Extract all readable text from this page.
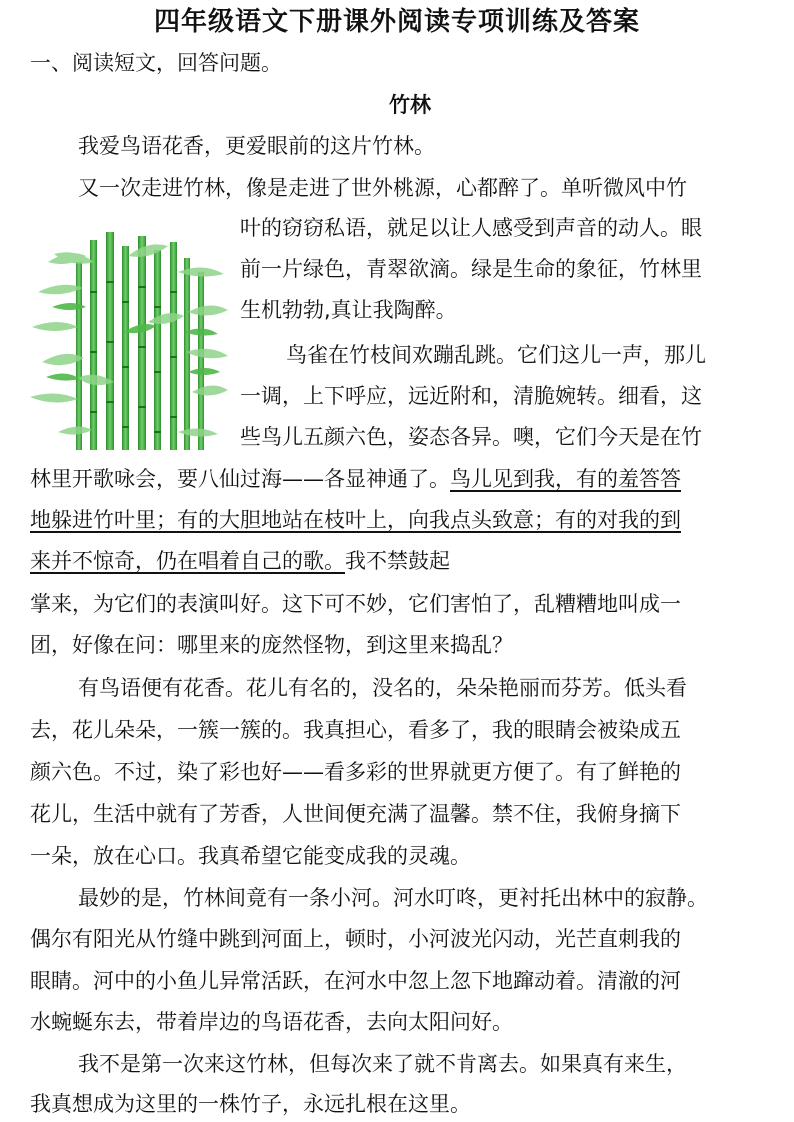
四年级语文下册课外阅读专项训练及答案
一、阅读短文，回答问题。
竹林
我爱鸟语花香，更爱眼前的这片竹林。
又一次走进竹林，像是走进了世外桃源，心都醉了。单听微风中竹
叶的窃窃私语，就足以让人感受到声音的动人。眼
前一片绿色，青翠欲滴。绿是生命的象征，竹林里
生机勃勃,真让我陶醉。
鸟雀在竹枝间欢蹦乱跳。它们这儿一声，那儿
一调，上下呼应，远近附和，清脆婉转。细看，这
些鸟儿五颜六色，姿态各异。噢，它们今天是在竹
林里开歌咏会，要八仙过海——各显神通了。鸟儿见到我，有的羞答答
地躲进竹叶里；有的大胆地站在枝叶上，向我点头致意；有的对我的到
来并不惊奇，仍在唱着自己的歌。我不禁鼓起
掌来，为它们的表演叫好。这下可不妙，它们害怕了，乱糟糟地叫成一
团，好像在问：哪里来的庞然怪物，到这里来捣乱？
有鸟语便有花香。花儿有名的，没名的，朵朵艳丽而芬芳。低头看
去，花儿朵朵，一簇一簇的。我真担心，看多了，我的眼睛会被染成五
颜六色。不过，染了彩也好——看多彩的世界就更方便了。有了鲜艳的
花儿，生活中就有了芳香，人世间便充满了温馨。禁不住，我俯身摘下
一朵，放在心口。我真希望它能变成我的灵魂。
最妙的是，竹林间竟有一条小河。河水叮咚，更衬托出林中的寂静。
偶尔有阳光从竹缝中跳到河面上，顿时，小河波光闪动，光芒直刺我的
眼睛。河中的小鱼儿异常活跃，在河水中忽上忽下地蹿动着。清澈的河
水蜿蜒东去，带着岸边的鸟语花香，去向太阳问好。
我不是第一次来这竹林，但每次来了就不肯离去。如果真有来生，
我真想成为这里的一株竹子，永远扎根在这里。
